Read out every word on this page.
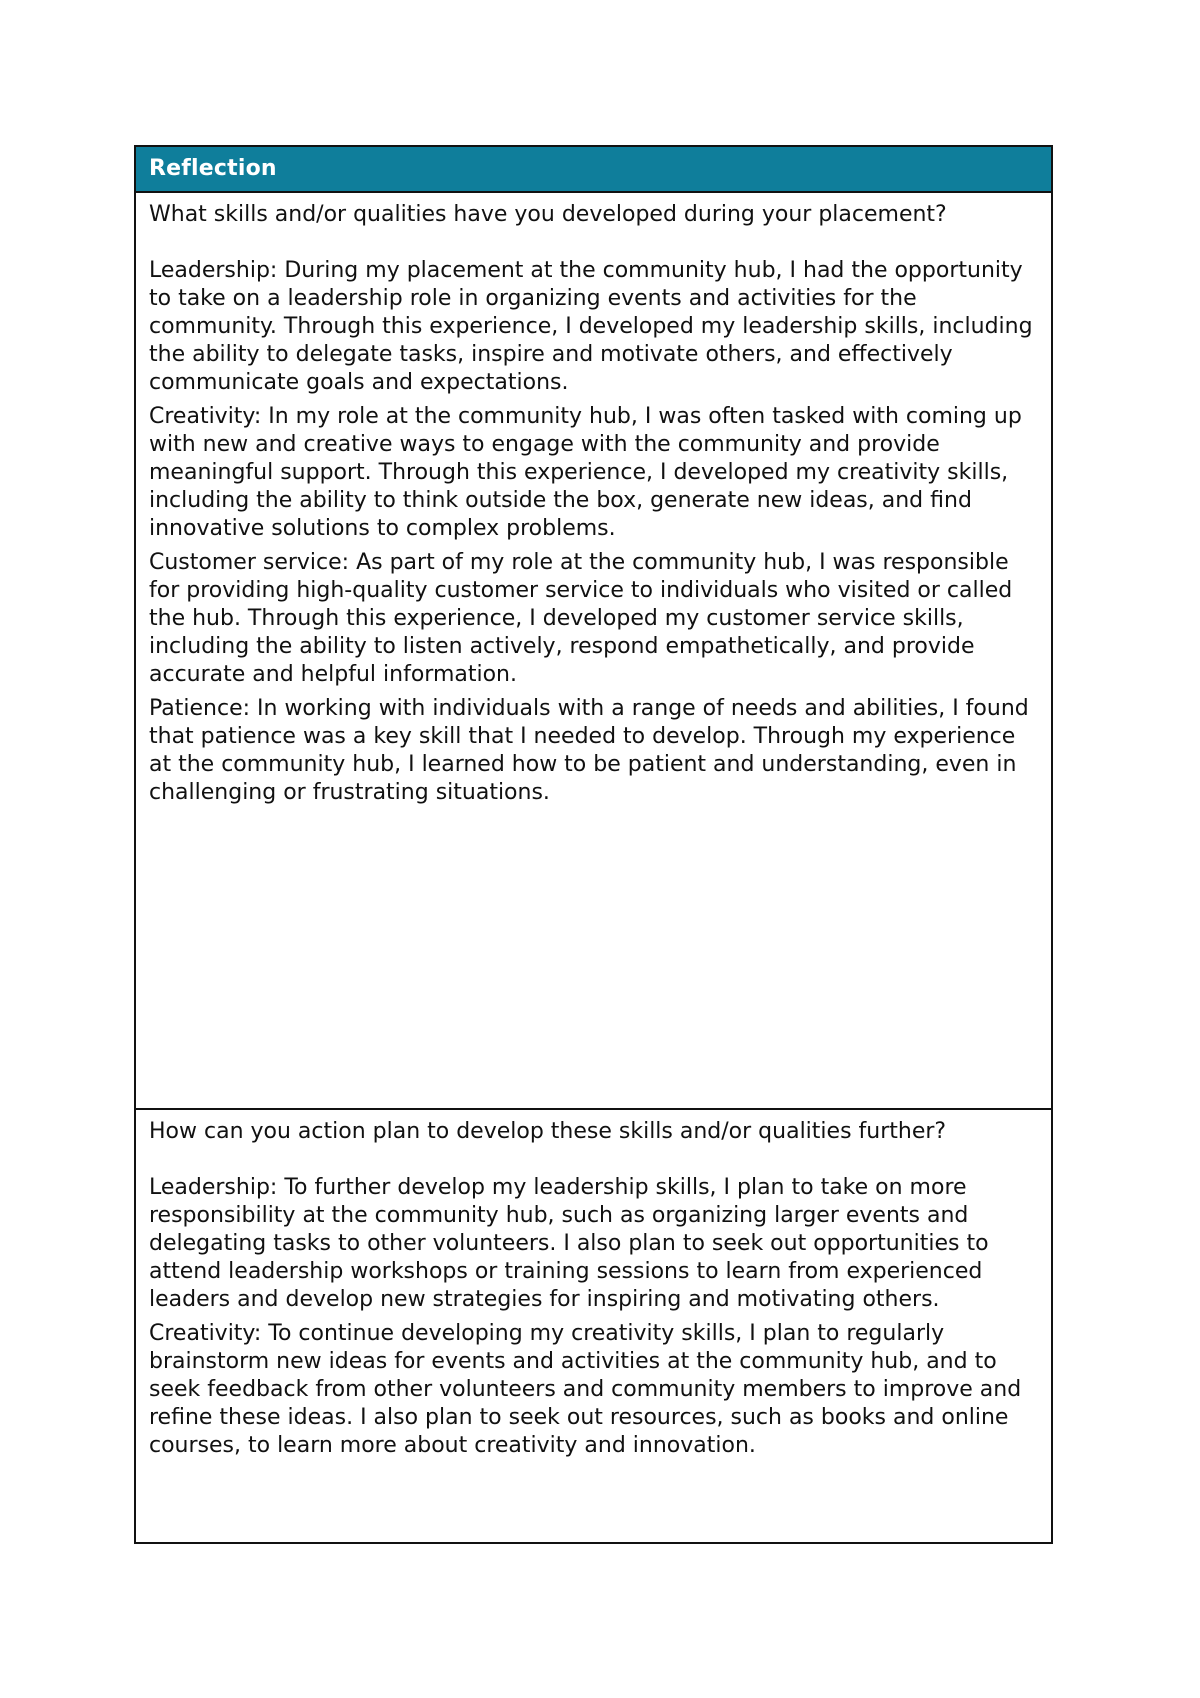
Reflection

What skills and/or qualities have you developed during your placement?

Leadership: During my placement at the community hub, I had the opportunity to take on a leadership role in organizing events and activities for the community. Through this experience, I developed my leadership skills, including the ability to delegate tasks, inspire and motivate others, and effectively communicate goals and expectations.

Creativity: In my role at the community hub, I was often tasked with coming up with new and creative ways to engage with the community and provide meaningful support. Through this experience, I developed my creativity skills, including the ability to think outside the box, generate new ideas, and find innovative solutions to complex problems.

Customer service: As part of my role at the community hub, I was responsible for providing high-quality customer service to individuals who visited or called the hub. Through this experience, I developed my customer service skills, including the ability to listen actively, respond empathetically, and provide accurate and helpful information.

Patience: In working with individuals with a range of needs and abilities, I found that patience was a key skill that I needed to develop. Through my experience at the community hub, I learned how to be patient and understanding, even in challenging or frustrating situations.

How can you action plan to develop these skills and/or qualities further?

Leadership: To further develop my leadership skills, I plan to take on more responsibility at the community hub, such as organizing larger events and delegating tasks to other volunteers. I also plan to seek out opportunities to attend leadership workshops or training sessions to learn from experienced leaders and develop new strategies for inspiring and motivating others.

Creativity: To continue developing my creativity skills, I plan to regularly brainstorm new ideas for events and activities at the community hub, and to seek feedback from other volunteers and community members to improve and refine these ideas. I also plan to seek out resources, such as books and online courses, to learn more about creativity and innovation.
